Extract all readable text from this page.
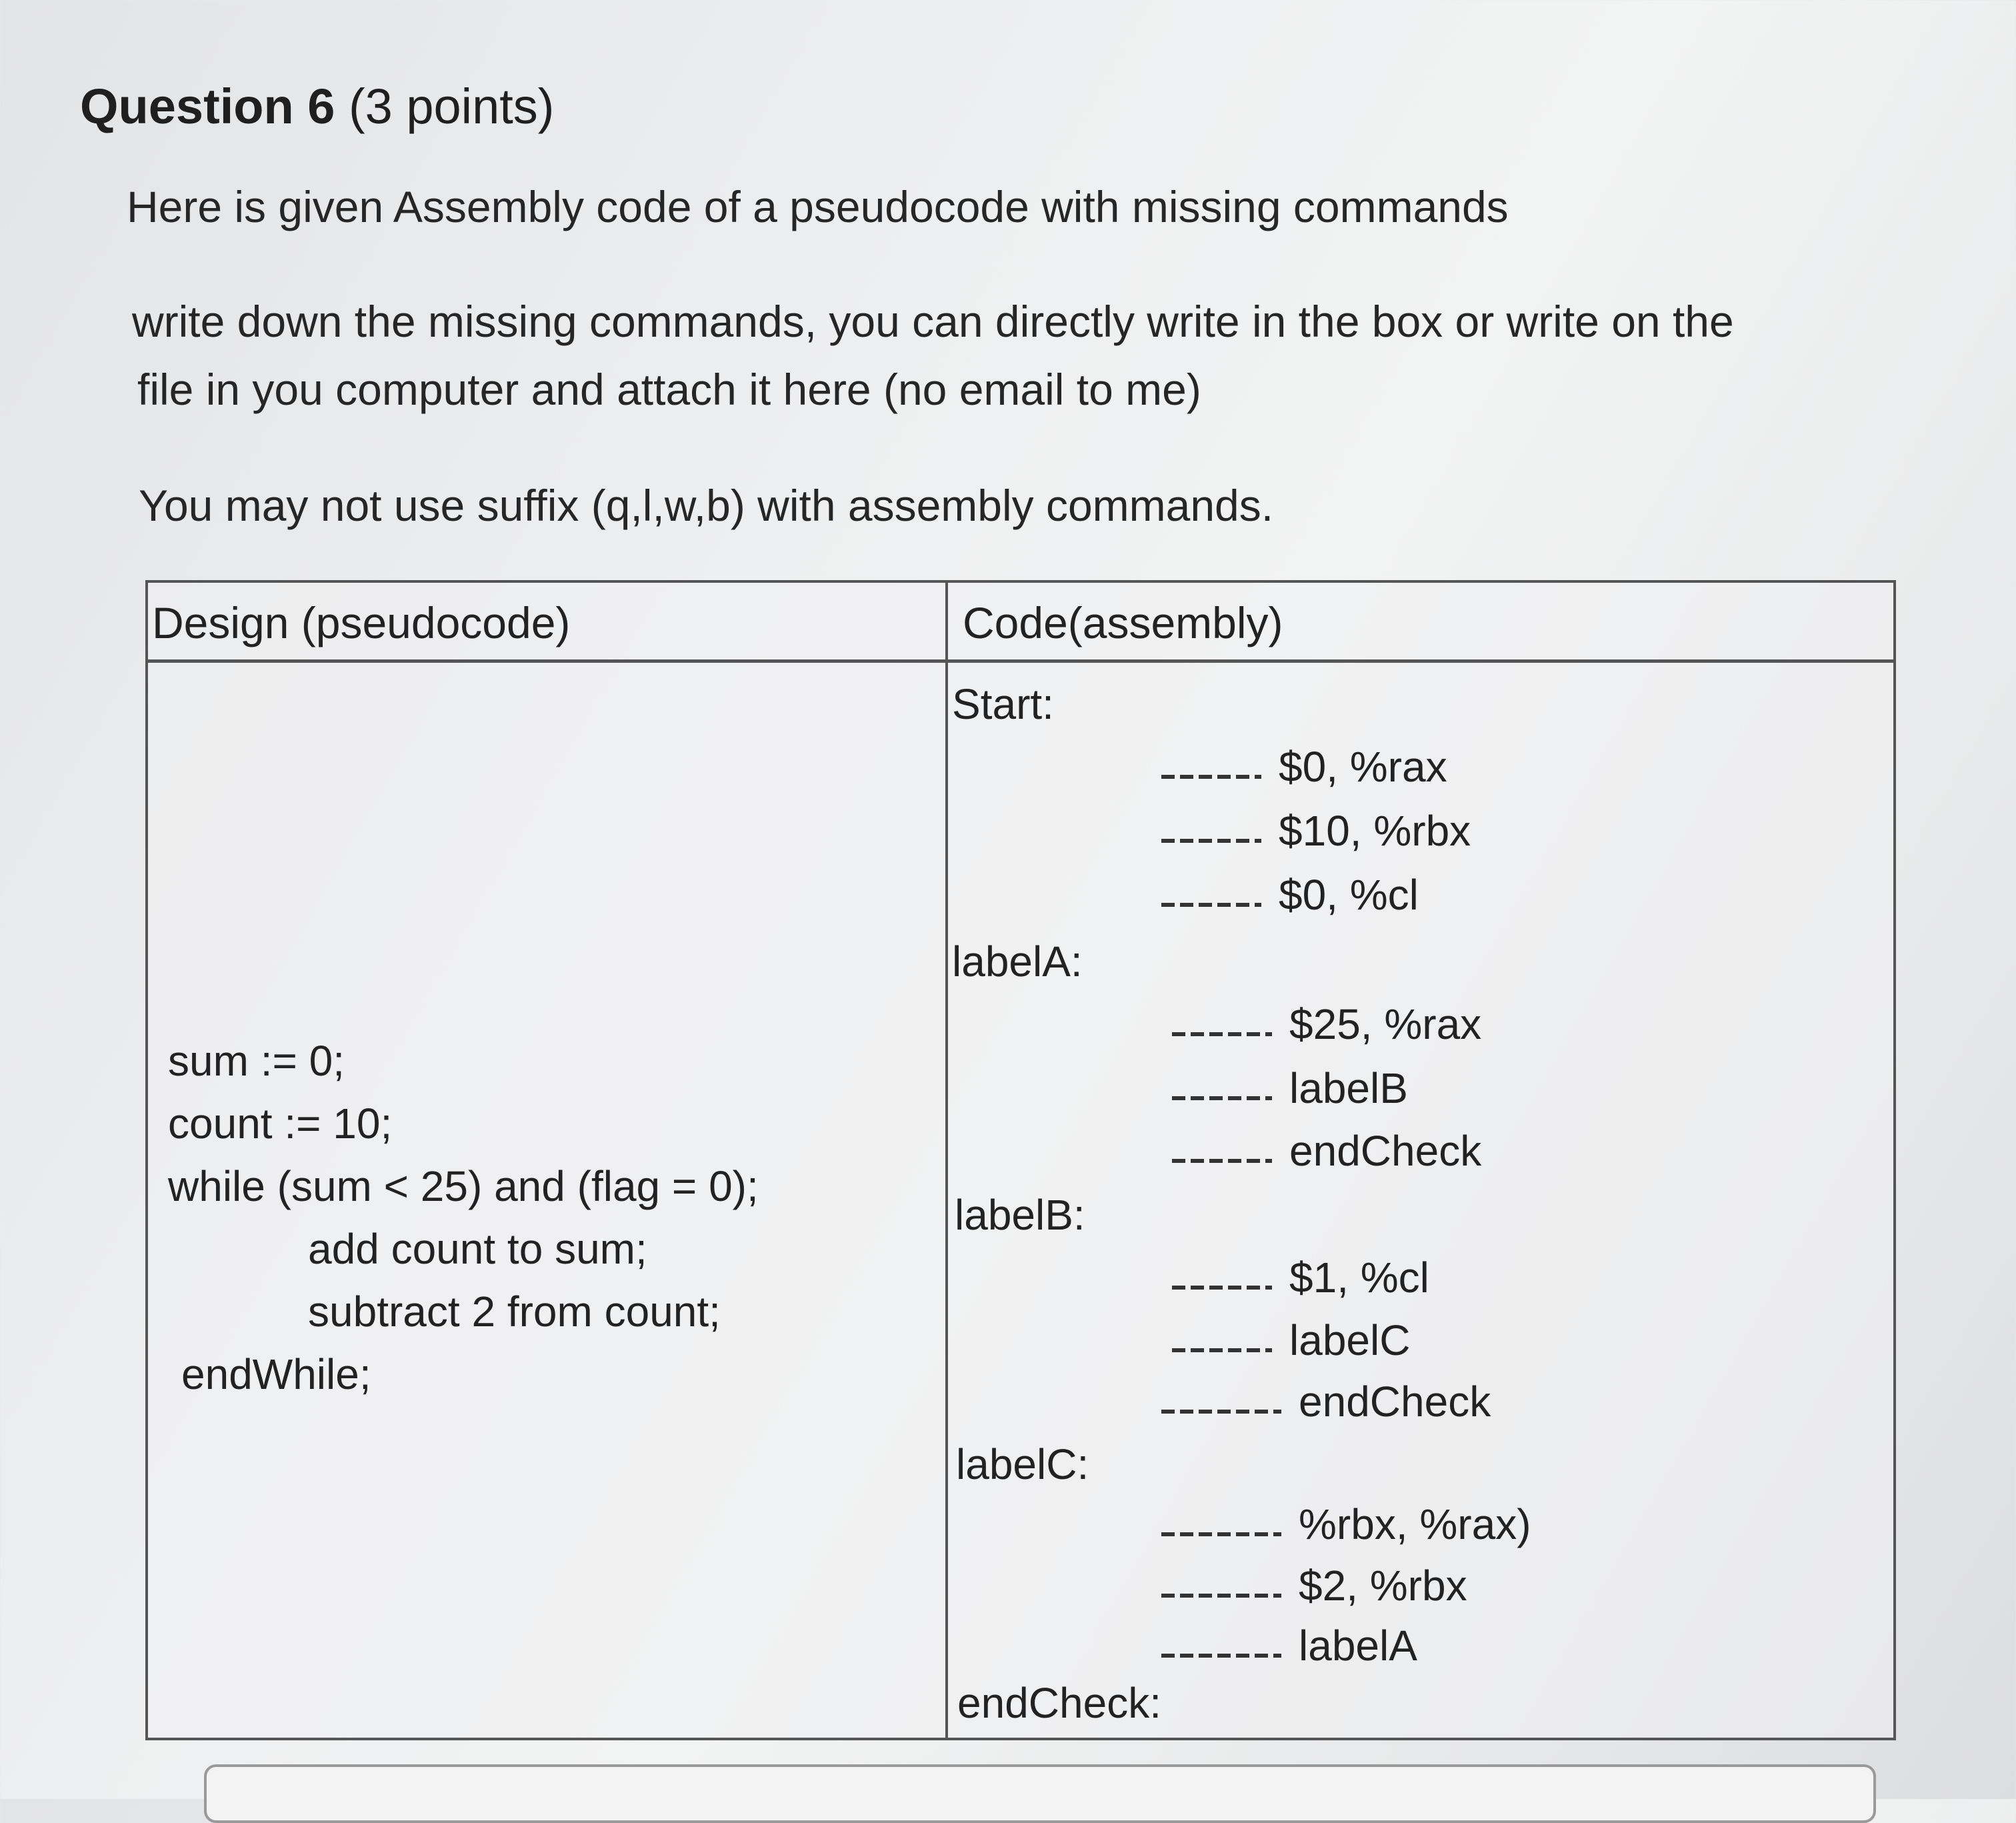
Question 6 (3 points)
Here is given Assembly code of a pseudocode with missing commands
write down the missing commands, you can directly write in the box or write on the
file in you computer and attach it here (no email to me)
You may not use suffix (q,l,w,b) with assembly commands.
Design (pseudocode)	Code(assembly)
sum := 0;
count := 10;
while (sum < 25) and (flag = 0);
add count to sum;
subtract 2 from count;
endWhile;
Start:
$0, %rax
$10, %rbx
$0, %cl
labelA:
$25, %rax
labelB
endCheck
labelB:
$1, %cl
labelC
endCheck
labelC:
%rbx, %rax)
$2, %rbx
labelA
endCheck:
